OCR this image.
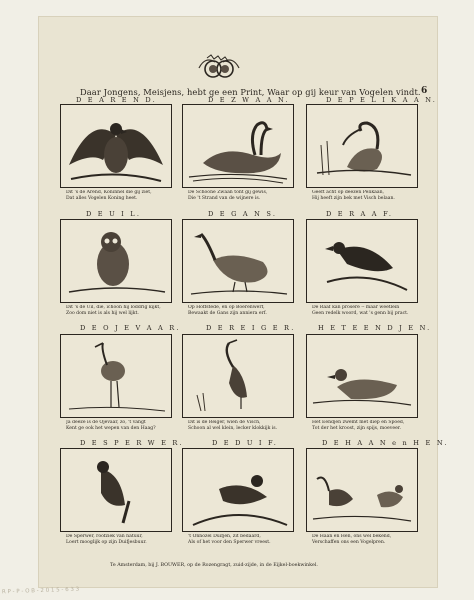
6
Daar Jongens, Meisjens, hebt ge een Print, Waar op gij keur van Vogelen vindt.
D E A R E N D.
Dit 's de Arend, Koninnel die gij ziet,
Dat alles Vogelen Koning heet.
D E Z W A A N.
De Schoone Zwaan tont gij gewis,
Die 't Strand van de wijnere is.
D E P E L I K A A N.
Geeft acht op deezen Pelikaan,
Hij heeft zijn bek met Visch belaan.
D E U I L.
Dit 's de Uil, die, ichoon hij loddrig kijkt,
Zoo dom niet is als hij wel lijkt.
D E G A N S.
Op Hoffstede, en op Boerenwerf,
Bewaakt de Gans zijn anniera erf.
D E R A A F.
De Raaf kan prosere -- maar weetlein
Geen redelk woord, wat 's genn bij pract.
D E O J E V A A R.
Ja deeze is de Ojevaar, zo, 't vangt
Kent ge ook het wepen van den Haag?
D E R E I G E R.
Dit is de Reiger, wien de Visch,
Schoon al wel klein, lecker klokkijk is.
H E T E E N D J E N.
Het Eendjen zwemt met diep en Spoed,
Tot der het kroost, zijn spijs, moeveer.
D E S P E R W E R.
De Sperwer, roofziek van natuur,
Loert mooglijk op zijn Duifjesbuur.
D E D U I F.
't Onnozel Duifjen, zit bedaard,
Als of het voor den Sperwer vreest.
D E H A A N e n H E N.
De Haan en Hen, ons wel bekend,
Verschaffen ons een Vogelpren.
Te Amsterdam, bij J. BOUWER, op de Rozengragt, zuid-zijde, in de Eijkel-boekwinkel.
R P - P - O B - 2 0 1 5 - 6 3 3
